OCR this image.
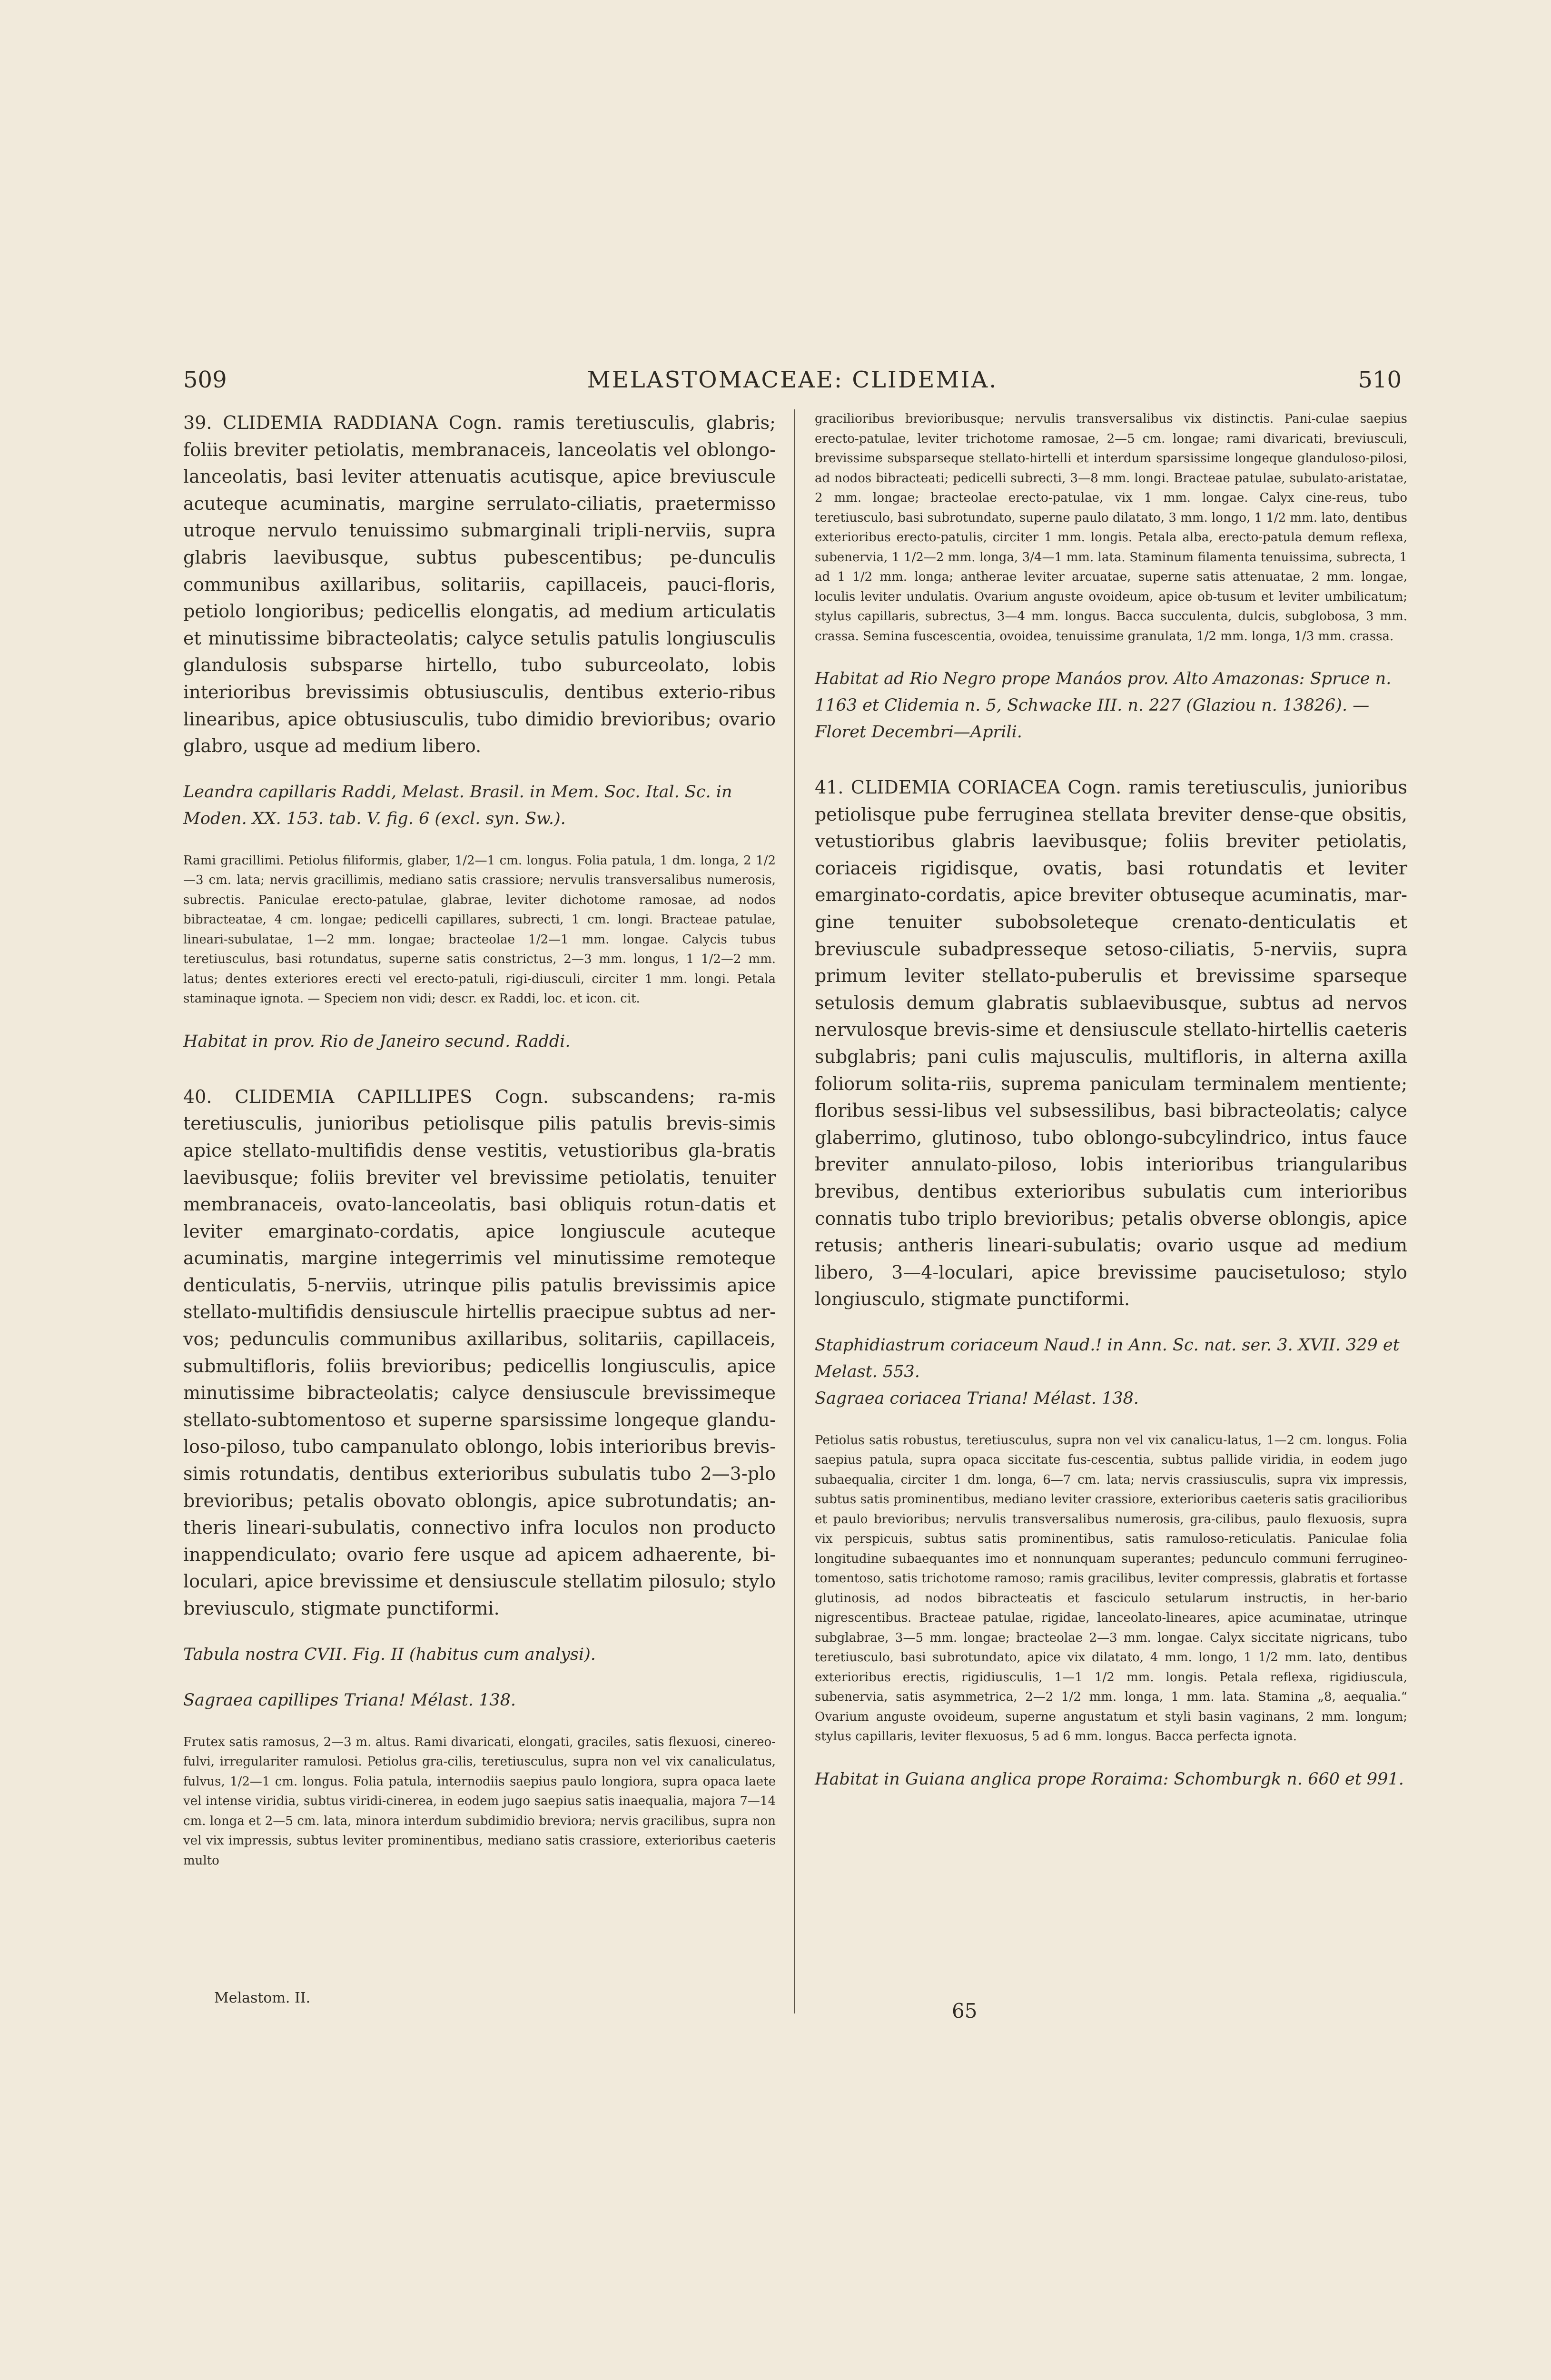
509	MELASTOMACEAE: CLIDEMIA.	510

39. CLIDEMIA RADDIANA Cogn. ramis teretiusculis, glabris; foliis breviter petiolatis, membranaceis, lanceolatis vel oblongo-lanceolatis, basi leviter attenuatis acutisque, apice breviuscule acuteque acuminatis, margine serrulato-ciliatis, praetermisso utroque nervulo tenuissimo submarginali tripli-nerviis, supra glabris laevibusque, subtus pubescentibus; pe-dunculis communibus axillaribus, solitariis, capillaceis, pauci-floris, petiolo longioribus; pedicellis elongatis, ad medium articulatis et minutissime bibracteolatis; calyce setulis patulis longiusculis glandulosis subsparse hirtello, tubo suburceolato, lobis interioribus brevissimis obtusiusculis, dentibus exterio-ribus linearibus, apice obtusiusculis, tubo dimidio brevioribus; ovario glabro, usque ad medium libero.

Leandra capillaris Raddi, Melast. Brasil. in Mem. Soc. Ital. Sc. in Moden. XX. 153. tab. V. fig. 6 (excl. syn. Sw.).

Rami gracillimi. Petiolus filiformis, glaber, 1/2—1 cm. longus. Folia patula, 1 dm. longa, 2 1/2—3 cm. lata; nervis gracillimis, mediano satis crassiore; nervulis transversalibus numerosis, subrectis. Paniculae erecto-patulae, glabrae, leviter dichotome ramosae, ad nodos bibracteatae, 4 cm. longae; pedicelli capillares, subrecti, 1 cm. longi. Bracteae patulae, lineari-subulatae, 1—2 mm. longae; bracteolae 1/2—1 mm. longae. Calycis tubus teretiusculus, basi rotundatus, superne satis constrictus, 2—3 mm. longus, 1 1/2—2 mm. latus; dentes exteriores erecti vel erecto-patuli, rigi-diusculi, circiter 1 mm. longi. Petala staminaque ignota. — Speciem non vidi; descr. ex Raddi, loc. et icon. cit.

Habitat in prov. Rio de Janeiro secund. Raddi.

40. CLIDEMIA CAPILLIPES Cogn. subscandens; ra-mis teretiusculis, junioribus petiolisque pilis patulis brevis-simis apice stellato-multifidis dense vestitis, vetustioribus gla-bratis laevibusque; foliis breviter vel brevissime petiolatis, tenuiter membranaceis, ovato-lanceolatis, basi obliquis rotun-datis et leviter emarginato-cordatis, apice longiuscule acuteque acuminatis, margine integerrimis vel minutissime remoteque denticulatis, 5-nerviis, utrinque pilis patulis brevissimis apice stellato-multifidis densiuscule hirtellis praecipue subtus ad ner-vos; pedunculis communibus axillaribus, solitariis, capillaceis, submultifloris, foliis brevioribus; pedicellis longiusculis, apice minutissime bibracteolatis; calyce densiuscule brevissimeque stellato-subtomentoso et superne sparsissime longeque glandu-loso-piloso, tubo campanulato oblongo, lobis interioribus brevis-simis rotundatis, dentibus exterioribus subulatis tubo 2—3-plo brevioribus; petalis obovato oblongis, apice subrotundatis; an-theris lineari-subulatis, connectivo infra loculos non producto inappendiculato; ovario fere usque ad apicem adhaerente, bi-loculari, apice brevissime et densiuscule stellatim pilosulo; stylo breviusculo, stigmate punctiformi.

Tabula nostra CVII. Fig. II (habitus cum analysi).

Sagraea capillipes Triana! Mélast. 138.

Frutex satis ramosus, 2—3 m. altus. Rami divaricati, elongati, graciles, satis flexuosi, cinereo-fulvi, irregulariter ramulosi. Petiolus gra-cilis, teretiusculus, supra non vel vix canaliculatus, fulvus, 1/2—1 cm. longus. Folia patula, internodiis saepius paulo longiora, supra opaca laete vel intense viridia, subtus viridi-cinerea, in eodem jugo saepius satis inaequalia, majora 7—14 cm. longa et 2—5 cm. lata, minora interdum subdimidio breviora; nervis gracilibus, supra non vel vix impressis, subtus leviter prominentibus, mediano satis crassiore, exterioribus caeteris multo

gracilioribus brevioribusque; nervulis transversalibus vix distinctis. Pani-culae saepius erecto-patulae, leviter trichotome ramosae, 2—5 cm. longae; rami divaricati, breviusculi, brevissime subsparseque stellato-hirtelli et interdum sparsissime longeque glanduloso-pilosi, ad nodos bibracteati; pedicelli subrecti, 3—8 mm. longi. Bracteae patulae, subulato-aristatae, 2 mm. longae; bracteolae erecto-patulae, vix 1 mm. longae. Calyx cine-reus, tubo teretiusculo, basi subrotundato, superne paulo dilatato, 3 mm. longo, 1 1/2 mm. lato, dentibus exterioribus erecto-patulis, circiter 1 mm. longis. Petala alba, erecto-patula demum reflexa, subenervia, 1 1/2—2 mm. longa, 3/4—1 mm. lata. Staminum filamenta tenuissima, subrecta, 1 ad 1 1/2 mm. longa; antherae leviter arcuatae, superne satis attenuatae, 2 mm. longae, loculis leviter undulatis. Ovarium anguste ovoideum, apice ob-tusum et leviter umbilicatum; stylus capillaris, subrectus, 3—4 mm. longus. Bacca succulenta, dulcis, subglobosa, 3 mm. crassa. Semina fuscescentia, ovoidea, tenuissime granulata, 1/2 mm. longa, 1/3 mm. crassa.

Habitat ad Rio Negro prope Manáos prov. Alto Amazonas: Spruce n. 1163 et Clidemia n. 5, Schwacke III. n. 227 (Glaziou n. 13826). — Floret Decembri—Aprili.

41. CLIDEMIA CORIACEA Cogn. ramis teretiusculis, junioribus petiolisque pube ferruginea stellata breviter dense-que obsitis, vetustioribus glabris laevibusque; foliis breviter petiolatis, coriaceis rigidisque, ovatis, basi rotundatis et leviter emarginato-cordatis, apice breviter obtuseque acuminatis, mar-gine tenuiter subobsoleteque crenato-denticulatis et breviuscule subadpresseque setoso-ciliatis, 5-nerviis, supra primum leviter stellato-puberulis et brevissime sparseque setulosis demum glabratis sublaevibusque, subtus ad nervos nervulosque brevis-sime et densiuscule stellato-hirtellis caeteris subglabris; pani culis majusculis, multifloris, in alterna axilla foliorum solita-riis, suprema paniculam terminalem mentiente; floribus sessi-libus vel subsessilibus, basi bibracteolatis; calyce glaberrimo, glutinoso, tubo oblongo-subcylindrico, intus fauce breviter annulato-piloso, lobis interioribus triangularibus brevibus, dentibus exterioribus subulatis cum interioribus connatis tubo triplo brevioribus; petalis obverse oblongis, apice retusis; antheris lineari-subulatis; ovario usque ad medium libero, 3—4-loculari, apice brevissime paucisetuloso; stylo longiusculo, stigmate punctiformi.

Staphidiastrum coriaceum Naud.! in Ann. Sc. nat. ser. 3. XVII. 329 et Melast. 553.

Sagraea coriacea Triana! Mélast. 138.

Petiolus satis robustus, teretiusculus, supra non vel vix canalicu-latus, 1—2 cm. longus. Folia saepius patula, supra opaca siccitate fus-cescentia, subtus pallide viridia, in eodem jugo subaequalia, circiter 1 dm. longa, 6—7 cm. lata; nervis crassiusculis, supra vix impressis, subtus satis prominentibus, mediano leviter crassiore, exterioribus caeteris satis gracilioribus et paulo brevioribus; nervulis transversalibus numerosis, gra-cilibus, paulo flexuosis, supra vix perspicuis, subtus satis prominentibus, satis ramuloso-reticulatis. Paniculae folia longitudine subaequantes imo et nonnunquam superantes; pedunculo communi ferrugineo-tomentoso, satis trichotome ramoso; ramis gracilibus, leviter compressis, glabratis et fortasse glutinosis, ad nodos bibracteatis et fasciculo setularum instructis, in her-bario nigrescentibus. Bracteae patulae, rigidae, lanceolato-lineares, apice acuminatae, utrinque subglabrae, 3—5 mm. longae; bracteolae 2—3 mm. longae. Calyx siccitate nigricans, tubo teretiusculo, basi subrotundato, apice vix dilatato, 4 mm. longo, 1 1/2 mm. lato, dentibus exterioribus erectis, rigidiusculis, 1—1 1/2 mm. longis. Petala reflexa, rigidiuscula, subenervia, satis asymmetrica, 2—2 1/2 mm. longa, 1 mm. lata. Stamina „8, aequalia.“ Ovarium anguste ovoideum, superne angustatum et styli basin vaginans, 2 mm. longum; stylus capillaris, leviter flexuosus, 5 ad 6 mm. longus. Bacca perfecta ignota.

Habitat in Guiana anglica prope Roraima: Schomburgk n. 660 et 991.

Melastom. II.
65
